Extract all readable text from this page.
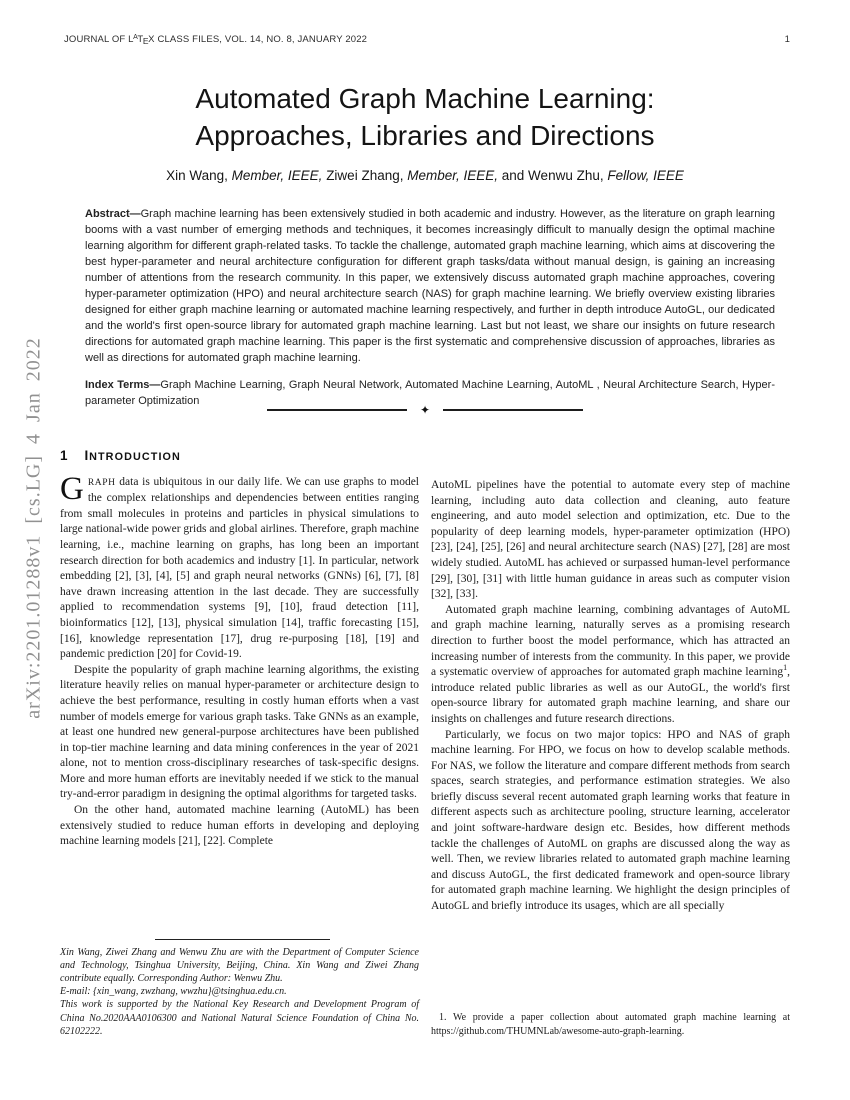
arXiv:2201.01288v1 [cs.LG] 4 Jan 2022
JOURNAL OF $L^ATEX$ CLASS FILES, VOL. 14, NO. 8, JANUARY 2022	1
Automated Graph Machine Learning:
Approaches, Libraries and Directions
Xin Wang, Member, IEEE, Ziwei Zhang, Member, IEEE, and Wenwu Zhu, Fellow, IEEE
Abstract—Graph machine learning has been extensively studied in both academic and industry. However, as the literature on graph learning booms with a vast number of emerging methods and techniques, it becomes increasingly difficult to manually design the optimal machine learning algorithm for different graph-related tasks. To tackle the challenge, automated graph machine learning, which aims at discovering the best hyper-parameter and neural architecture configuration for different graph tasks/data without manual design, is gaining an increasing number of attentions from the research community. In this paper, we extensively discuss automated graph machine approaches, covering hyper-parameter optimization (HPO) and neural architecture search (NAS) for graph machine learning. We briefly overview existing libraries designed for either graph machine learning or automated machine learning respectively, and further in depth introduce AutoGL, our dedicated and the world's first open-source library for automated graph machine learning. Last but not least, we share our insights on future research directions for automated graph machine learning. This paper is the first systematic and comprehensive discussion of approaches, libraries as well as directions for automated graph machine learning.
Index Terms—Graph Machine Learning, Graph Neural Network, Automated Machine Learning, AutoML , Neural Architecture Search, Hyper-parameter Optimization
✦
1 INTRODUCTION

GRAPH data is ubiquitous in our daily life. We can use graphs to model the complex relationships and dependencies between entities ranging from small molecules in proteins and particles in physical simulations to large national-wide power grids and global airlines. Therefore, graph machine learning, i.e., machine learning on graphs, has long been an important research direction for both academics and industry [1]. In particular, network embedding [2], [3], [4], [5] and graph neural networks (GNNs) [6], [7], [8] have drawn increasing attention in the last decade. They are successfully applied to recommendation systems [9], [10], fraud detection [11], bioinformatics [12], [13], physical simulation [14], traffic forecasting [15], [16], knowledge representation [17], drug re-purposing [18], [19] and pandemic prediction [20] for Covid-19.

Despite the popularity of graph machine learning algorithms, the existing literature heavily relies on manual hyper-parameter or architecture design to achieve the best performance, resulting in costly human efforts when a vast number of models emerge for various graph tasks. Take GNNs as an example, at least one hundred new general-purpose architectures have been published in top-tier machine learning and data mining conferences in the year of 2021 alone, not to mention cross-disciplinary researches of task-specific designs. More and more human efforts are inevitably needed if we stick to the manual try-and-error paradigm in designing the optimal algorithms for targeted tasks.

On the other hand, automated machine learning (AutoML) has been extensively studied to reduce human efforts in developing and deploying machine learning models [21], [22]. Complete

Xin Wang, Ziwei Zhang and Wenwu Zhu are with the Department of Computer Science and Technology, Tsinghua University, Beijing, China. Xin Wang and Ziwei Zhang contribute equally. Corresponding Author: Wenwu Zhu.
E-mail: {xin_wang, zwzhang, wwzhu}@tsinghua.edu.cn.
This work is supported by the National Key Research and Development Program of China No.2020AAA0106300 and National Natural Science Foundation of China No. 62102222.

AutoML pipelines have the potential to automate every step of machine learning, including auto data collection and cleaning, auto feature engineering, and auto model selection and optimization, etc. Due to the popularity of deep learning models, hyper-parameter optimization (HPO) [23], [24], [25], [26] and neural architecture search (NAS) [27], [28] are most widely studied. AutoML has achieved or surpassed human-level performance [29], [30], [31] with little human guidance in areas such as computer vision [32], [33].

Automated graph machine learning, combining advantages of AutoML and graph machine learning, naturally serves as a promising research direction to further boost the model performance, which has attracted an increasing number of interests from the community. In this paper, we provide a systematic overview of approaches for automated graph machine learning$^1$, introduce related public libraries as well as our AutoGL, the world's first open-source library for automated graph machine learning, and share our insights on challenges and future research directions.

Particularly, we focus on two major topics: HPO and NAS of graph machine learning. For HPO, we focus on how to develop scalable methods. For NAS, we follow the literature and compare different methods from search spaces, search strategies, and performance estimation strategies. We also briefly discuss several recent automated graph learning works that feature in different aspects such as architecture pooling, structure learning, accelerator and joint software-hardware design etc. Besides, how different methods tackle the challenges of AutoML on graphs are discussed along the way as well. Then, we review libraries related to automated graph machine learning and discuss AutoGL, the first dedicated framework and open-source library for automated graph machine learning. We highlight the design principles of AutoGL and briefly introduce its usages, which are all specially

1. We provide a paper collection about automated graph machine learning at https://github.com/THUMNLab/awesome-auto-graph-learning.
